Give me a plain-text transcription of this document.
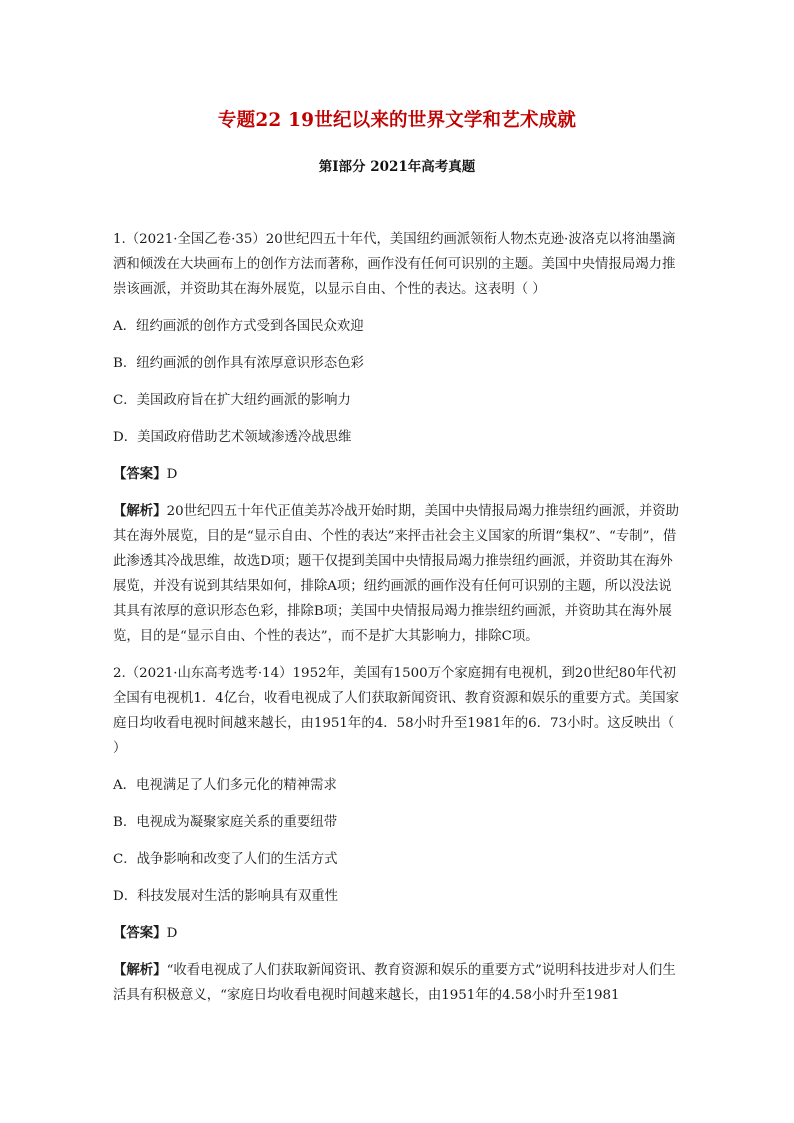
专题22 19世纪以来的世界文学和艺术成就
第Ⅰ部分 2021年高考真题

1.（2021·全国乙卷·35）20世纪四五十年代，美国纽约画派领衔人物杰克逊·波洛克以将油墨滴洒和倾泼在大块画布上的创作方法而著称，画作没有任何可识别的主题。美国中央情报局竭力推崇该画派，并资助其在海外展览，以显示自由、个性的表达。这表明（ ）

A．纽约画派的创作方式受到各国民众欢迎

B．纽约画派的创作具有浓厚意识形态色彩

C．美国政府旨在扩大纽约画派的影响力

D．美国政府借助艺术领域渗透冷战思维

【答案】D

【解析】20世纪四五十年代正值美苏冷战开始时期，美国中央情报局竭力推崇纽约画派，并资助其在海外展览，目的是“显示自由、个性的表达”来抨击社会主义国家的所谓“集权”、“专制”，借此渗透其冷战思维，故选D项；题干仅提到美国中央情报局竭力推崇纽约画派，并资助其在海外展览，并没有说到其结果如何，排除A项；纽约画派的画作没有任何可识别的主题，所以没法说其具有浓厚的意识形态色彩，排除B项；美国中央情报局竭力推崇纽约画派，并资助其在海外展览，目的是“显示自由、个性的表达”，而不是扩大其影响力，排除C项。

2.（2021·山东高考选考·14）1952年，美国有1500万个家庭拥有电视机，到20世纪80年代初全国有电视机1．4亿台，收看电视成了人们获取新闻资讯、教育资源和娱乐的重要方式。美国家庭日均收看电视时间越来越长，由1951年的4．58小时升至1981年的6．73小时。这反映出（ ）

A．电视满足了人们多元化的精神需求

B．电视成为凝聚家庭关系的重要纽带

C．战争影响和改变了人们的生活方式

D．科技发展对生活的影响具有双重性

【答案】D

【解析】“收看电视成了人们获取新闻资讯、教育资源和娱乐的重要方式”说明科技进步对人们生活具有积极意义，“家庭日均收看电视时间越来越长，由1951年的4.58小时升至1981
